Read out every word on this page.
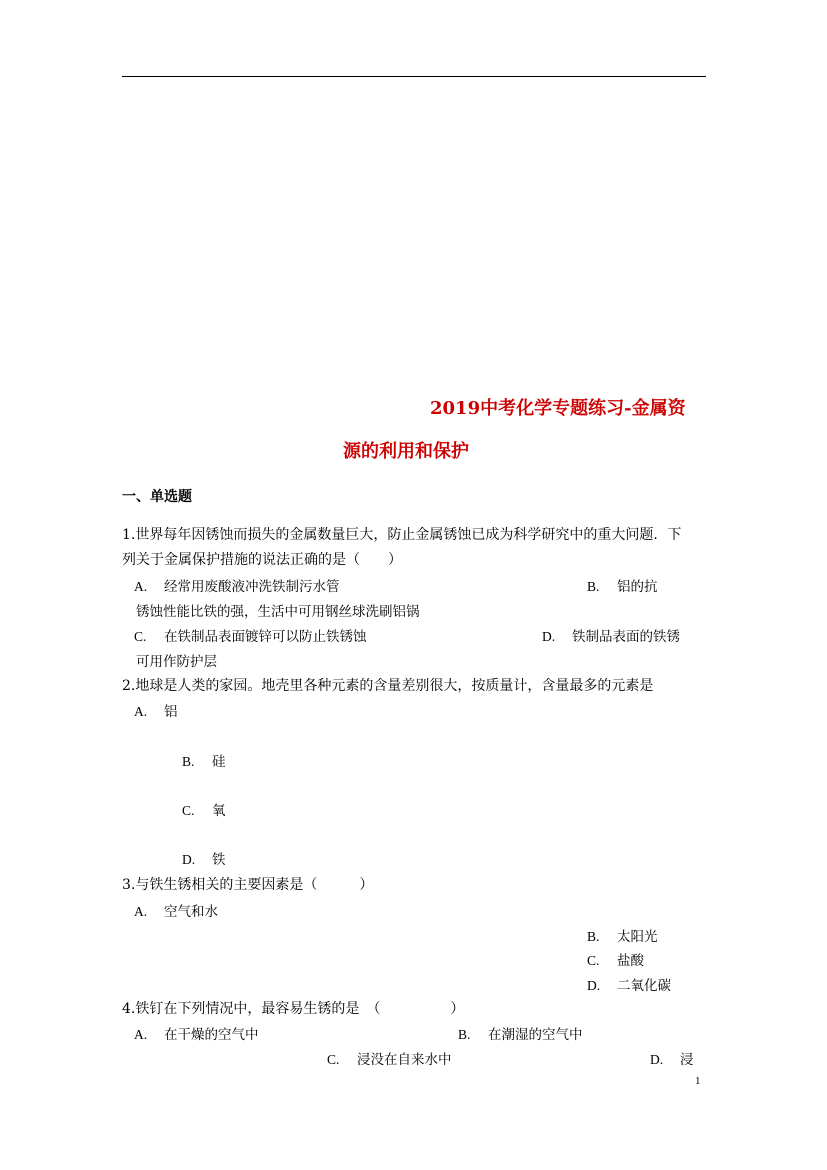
2019中考化学专题练习-金属资
源的利用和保护
一、单选题
1.世界每年因锈蚀而损失的金属数量巨大，防止金属锈蚀已成为科学研究中的重大问题．下
列关于金属保护措施的说法正确的是（　　）
A. 经常用废酸液冲洗铁制污水管	B. 铝的抗
锈蚀性能比铁的强，生活中可用钢丝球洗刷铝锅
C. 在铁制品表面镀锌可以防止铁锈蚀	D. 铁制品表面的铁锈
可用作防护层
2.地球是人类的家园。地壳里各种元素的含量差别很大，按质量计，含量最多的元素是
A. 铝
B. 硅
C. 氧
D. 铁
3.与铁生锈相关的主要因素是（　　　）
A. 空气和水
B. 太阳光
C. 盐酸
D. 二氧化碳
4.铁钉在下列情况中，最容易生锈的是　（　　　　　）
A. 在干燥的空气中	B. 在潮湿的空气中
C. 浸没在自来水中	D. 浸
1
